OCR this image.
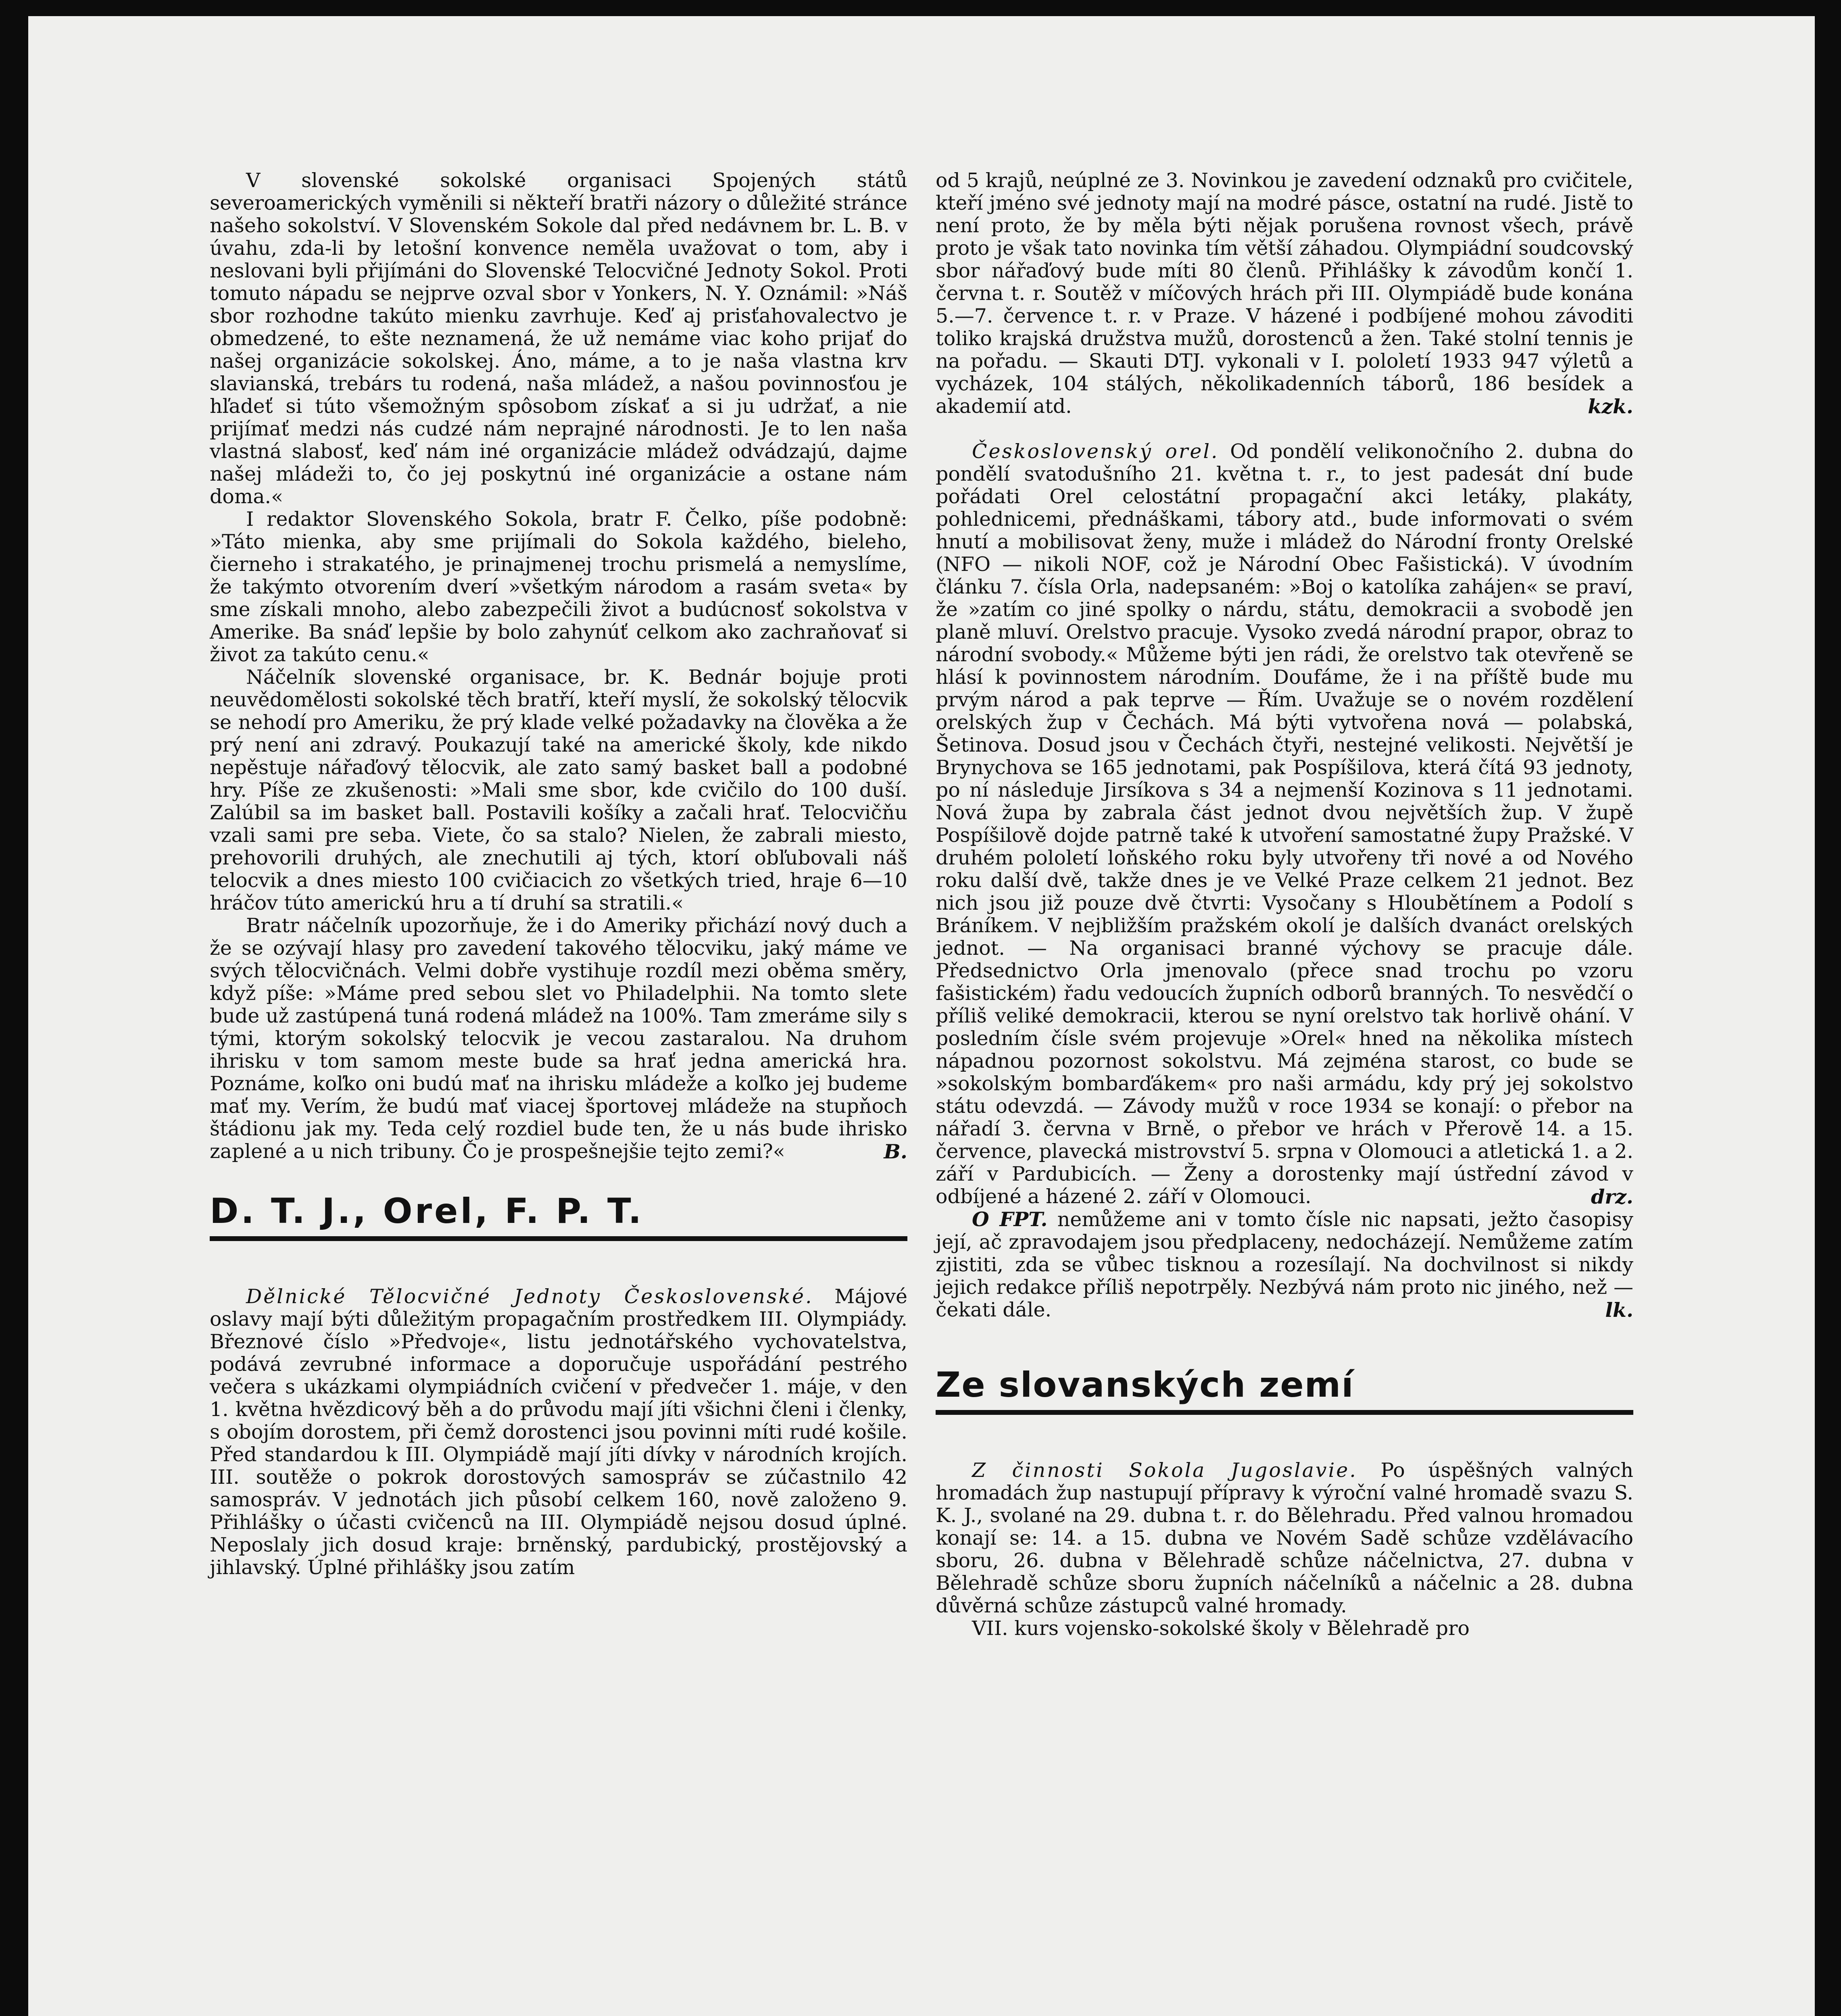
V slovenské sokolské organisaci Spojených států severoamerických vyměnili si někteří bratři názory o důležité stránce našeho sokolství. V Slovenském Sokole dal před nedávnem br. L. B. v úvahu, zda-li by letošní konvence neměla uvažovat o tom, aby i neslovani byli přijímáni do Slovenské Telocvičné Jednoty Sokol. Proti tomuto nápadu se nejprve ozval sbor v Yonkers, N. Y. Oznámil: »Náš sbor rozhodne takúto mienku zavrhuje. Keď aj prisťahovalectvo je obmedzené, to ešte neznamená, že už nemáme viac koho prijať do našej organizácie sokolskej. Áno, máme, a to je naša vlastna krv slavianská, trebárs tu rodená, naša mládež, a našou povinnosťou je hľadeť si túto všemožným spôsobom získať a si ju udržať, a nie prijímať medzi nás cudzé nám neprajné národnosti. Je to len naša vlastná slabosť, keď nám iné organizácie mládež odvádzajú, dajme našej mládeži to, čo jej poskytnú iné organizácie a ostane nám doma.«

I redaktor Slovenského Sokola, bratr F. Čelko, píše podobně: »Táto mienka, aby sme prijímali do Sokola každého, bieleho, čierneho i strakatého, je prinajmenej trochu prismelá a nemyslíme, že takýmto otvorením dverí »všetkým národom a rasám sveta« by sme získali mnoho, alebo zabezpečili život a budúcnosť sokolstva v Amerike. Ba snáď lepšie by bolo zahynúť celkom ako zachraňovať si život za takúto cenu.«

Náčelník slovenské organisace, br. K. Bednár bojuje proti neuvědomělosti sokolské těch bratří, kteří myslí, že sokolský tělocvik se nehodí pro Ameriku, že prý klade velké požadavky na člověka a že prý není ani zdravý. Poukazují také na americké školy, kde nikdo nepěstuje nářaďový tělocvik, ale zato samý basket ball a podobné hry. Píše ze zkušenosti: »Mali sme sbor, kde cvičilo do 100 duší. Zalúbil sa im basket ball. Postavili košíky a začali hrať. Telocvičňu vzali sami pre seba. Viete, čo sa stalo? Nielen, že zabrali miesto, prehovorili druhých, ale znechutili aj tých, ktorí obľubovali náš telocvik a dnes miesto 100 cvičiacich zo všetkých tried, hraje 6—10 hráčov túto americkú hru a tí druhí sa stratili.«

Bratr náčelník upozorňuje, že i do Ameriky přichází nový duch a že se ozývají hlasy pro zavedení takového tělocviku, jaký máme ve svých tělocvičnách. Velmi dobře vystihuje rozdíl mezi oběma směry, když píše: »Máme pred sebou slet vo Philadelphii. Na tomto slete bude už zastúpená tuná rodená mládež na 100%. Tam zmeráme sily s tými, ktorým sokolský telocvik je vecou zastaralou. Na druhom ihrisku v tom samom meste bude sa hrať jedna americká hra. Poznáme, koľko oni budú mať na ihrisku mládeže a koľko jej budeme mať my. Verím, že budú mať viacej športovej mládeže na stupňoch štádionu jak my. Teda celý rozdiel bude ten, že u nás bude ihrisko zaplené a u nich tribuny. Čo je prospešnejšie tejto zemi?«	B.

D. T. J., Orel, F. P. T.

Dělnické Tělocvičné Jednoty Československé. Májové oslavy mají býti důležitým propagačním prostředkem III. Olympiády. Březnové číslo »Předvoje«, listu jednotářského vychovatelstva, podává zevrubné informace a doporučuje uspořádání pestrého večera s ukázkami olympiádních cvičení v předvečer 1. máje, v den 1. května hvězdicový běh a do průvodu mají jíti všichni členi i členky, s obojím dorostem, při čemž dorostenci jsou povinni míti rudé košile. Před standardou k III. Olympiádě mají jíti dívky v národních krojích. III. soutěže o pokrok dorostových samospráv se zúčastnilo 42 samospráv. V jednotách jich působí celkem 160, nově založeno 9. Přihlášky o účasti cvičenců na III. Olympiádě nejsou dosud úplné. Neposlaly jich dosud kraje: brněnský, pardubický, prostějovský a jihlavský. Úplné přihlášky jsou zatím

od 5 krajů, neúplné ze 3. Novinkou je zavedení odznaků pro cvičitele, kteří jméno své jednoty mají na modré pásce, ostatní na rudé. Jistě to není proto, že by měla býti nějak porušena rovnost všech, právě proto je však tato novinka tím větší záhadou. Olympiádní soudcovský sbor nářaďový bude míti 80 členů. Přihlášky k závodům končí 1. června t. r. Soutěž v míčových hrách při III. Olympiádě bude konána 5.—7. července t. r. v Praze. V házené i podbíjené mohou závoditi toliko krajská družstva mužů, dorostenců a žen. Také stolní tennis je na pořadu. — Skauti DTJ. vykonali v I. pololetí 1933 947 výletů a vycházek, 104 stálých, několikadenních táborů, 186 besídek a akademií atd.	kzk.

Československý orel. Od pondělí velikonočního 2. dubna do pondělí svatodušního 21. května t. r., to jest padesát dní bude pořádati Orel celostátní propagační akci letáky, plakáty, pohlednicemi, přednáškami, tábory atd., bude informovati o svém hnutí a mobilisovat ženy, muže i mládež do Národní fronty Orelské (NFO — nikoli NOF, což je Národní Obec Fašistická). V úvodním článku 7. čísla Orla, nadepsaném: »Boj o katolíka zahájen« se praví, že »zatím co jiné spolky o nárdu, státu, demokracii a svobodě jen planě mluví. Orelstvo pracuje. Vysoko zvedá národní prapor, obraz to národní svobody.« Můžeme býti jen rádi, že orelstvo tak otevřeně se hlásí k povinnostem národním. Doufáme, že i na příště bude mu prvým národ a pak teprve — Řím. Uvažuje se o novém rozdělení orelských žup v Čechách. Má býti vytvořena nová — polabská, Šetinova. Dosud jsou v Čechách čtyři, nestejné velikosti. Největší je Brynychova se 165 jednotami, pak Pospíšilova, která čítá 93 jednoty, po ní následuje Jirsíkova s 34 a nejmenší Kozinova s 11 jednotami. Nová župa by zabrala část jednot dvou největších žup. V župě Pospíšilově dojde patrně také k utvoření samostatné župy Pražské. V druhém pololetí loňského roku byly utvořeny tři nové a od Nového roku další dvě, takže dnes je ve Velké Praze celkem 21 jednot. Bez nich jsou již pouze dvě čtvrti: Vysočany s Hloubětínem a Podolí s Bráníkem. V nejbližším pražském okolí je dalších dvanáct orelských jednot. — Na organisaci branné výchovy se pracuje dále. Předsednictvo Orla jmenovalo (přece snad trochu po vzoru fašistickém) řadu vedoucích župních odborů branných. To nesvědčí o příliš veliké demokracii, kterou se nyní orelstvo tak horlivě ohání. V posledním čísle svém projevuje »Orel« hned na několika místech nápadnou pozornost sokolstvu. Má zejména starost, co bude se »sokolským bombarďákem« pro naši armádu, kdy prý jej sokolstvo státu odevzdá. — Závody mužů v roce 1934 se konají: o přebor na nářadí 3. června v Brně, o přebor ve hrách v Přerově 14. a 15. července, plavecká mistrovství 5. srpna v Olomouci a atletická 1. a 2. září v Pardubicích. — Ženy a dorostenky mají ústřední závod v odbíjené a házené 2. září v Olomouci.	drz.

O FPT. nemůžeme ani v tomto čísle nic napsati, ježto časopisy její, ač zpravodajem jsou předplaceny, nedocházejí. Nemůžeme zatím zjistiti, zda se vůbec tisknou a rozesílají. Na dochvilnost si nikdy jejich redakce příliš nepotrpěly. Nezbývá nám proto nic jiného, než — čekati dále.	lk.

Ze slovanských zemí

Z činnosti Sokola Jugoslavie. Po úspěšných valných hromadách žup nastupují přípravy k výroční valné hromadě svazu S. K. J., svolané na 29. dubna t. r. do Bělehradu. Před valnou hromadou konají se: 14. a 15. dubna ve Novém Sadě schůze vzdělávacího sboru, 26. dubna v Bělehradě schůze náčelnictva, 27. dubna v Bělehradě schůze sboru župních náčelníků a náčelnic a 28. dubna důvěrná schůze zástupců valné hromady.

VII. kurs vojensko-sokolské školy v Bělehradě pro
